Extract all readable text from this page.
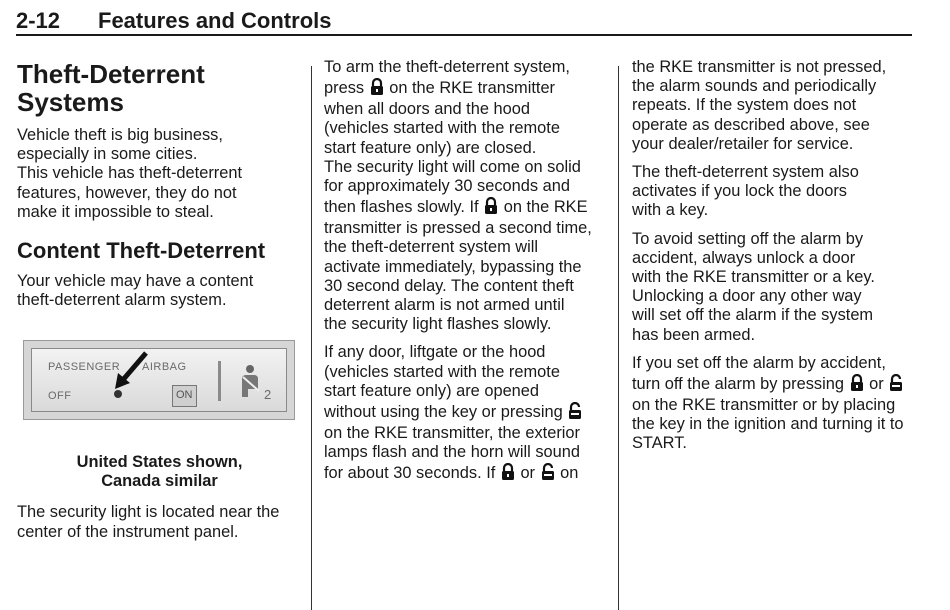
2-12 Features and Controls
Theft-Deterrent
Systems
Vehicle theft is big business,
especially in some cities.
This vehicle has theft-deterrent
features, however, they do not
make it impossible to steal.
Content Theft-Deterrent
Your vehicle may have a content
theft-deterrent alarm system.
PASSENGER AIRBAG
OFF	ON	2
United States shown,
Canada similar
The security light is located near the
center of the instrument panel.
To arm the theft-deterrent system,
press on the RKE transmitter
when all doors and the hood
(vehicles started with the remote
start feature only) are closed.
The security light will come on solid
for approximately 30 seconds and
then flashes slowly. If on the RKE
transmitter is pressed a second time,
the theft-deterrent system will
activate immediately, bypassing the
30 second delay. The content theft
deterrent alarm is not armed until
the security light flashes slowly.
If any door, liftgate or the hood
(vehicles started with the remote
start feature only) are opened
without using the key or pressing
on the RKE transmitter, the exterior
lamps flash and the horn will sound
for about 30 seconds. If or on
the RKE transmitter is not pressed,
the alarm sounds and periodically
repeats. If the system does not
operate as described above, see
your dealer/retailer for service.
The theft-deterrent system also
activates if you lock the doors
with a key.
To avoid setting off the alarm by
accident, always unlock a door
with the RKE transmitter or a key.
Unlocking a door any other way
will set off the alarm if the system
has been armed.
If you set off the alarm by accident,
turn off the alarm by pressing or
on the RKE transmitter or by placing
the key in the ignition and turning it to
START.
